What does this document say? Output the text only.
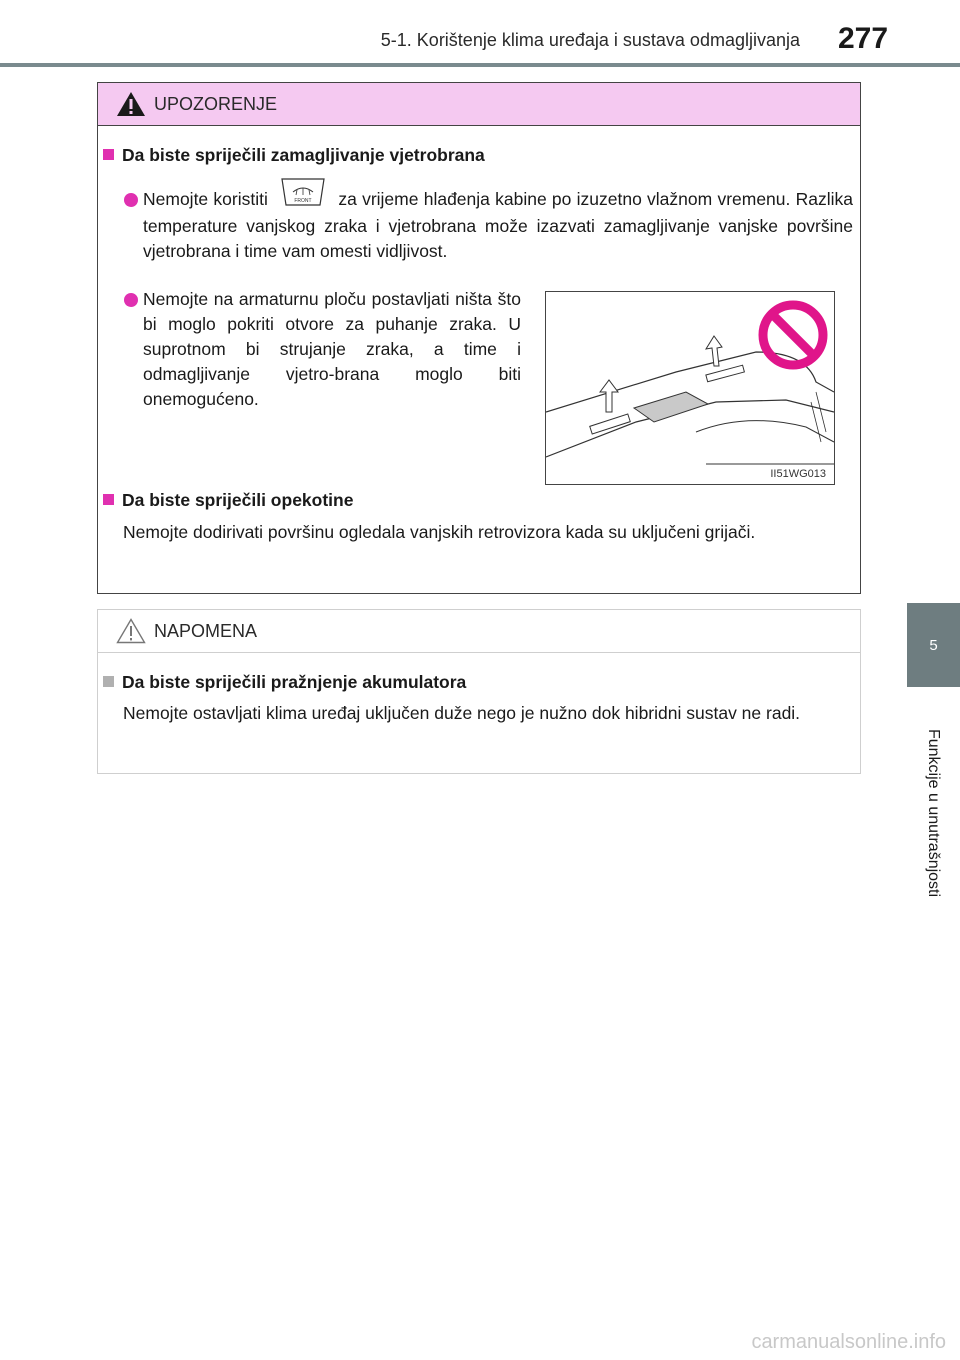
5-1. Korištenje klima uređaja i sustava odmagljivanja 277
5
Funkcije u unutrašnjosti
UPOZORENJE
Da biste spriječili zamagljivanje vjetrobrana
Nemojte koristiti	FRONT za vrijeme hlađenja kabine po izuzetno vlažnom vremenu. Razlika temperature vanjskog zraka i vjetrobrana može izazvati zamagljivanje vanjske površine vjetrobrana i time vam omesti vidljivost.
Nemojte na armaturnu ploču postavljati ništa što bi moglo pokriti otvore za puhanje zraka. U suprotnom bi strujanje zraka, a time i odmagljivanje vjetro-brana moglo biti onemogućeno.
II51WG013
Da biste spriječili opekotine
Nemojte dodirivati površinu ogledala vanjskih retrovizora kada su uključeni grijači.
NAPOMENA
Da biste spriječili pražnjenje akumulatora
Nemojte ostavljati klima uređaj uključen duže nego je nužno dok hibridni sustav ne radi.
carmanualsonline.info
